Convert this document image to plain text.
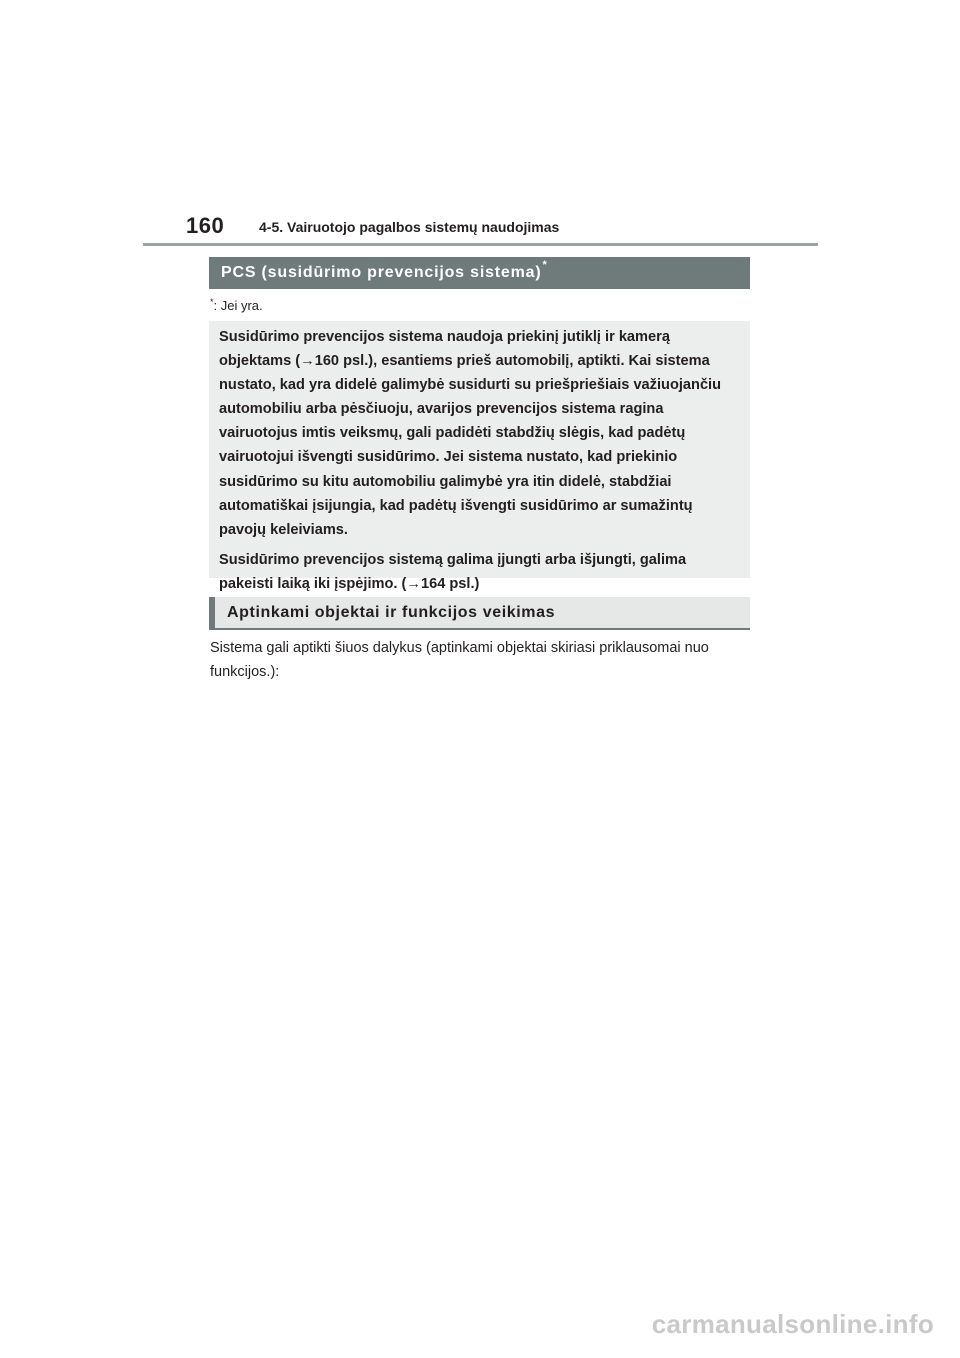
160 4-5. Vairuotojo pagalbos sistemų naudojimas
PCS (susidūrimo prevencijos sistema) *
*: Jei yra.

Susidūrimo prevencijos sistema naudoja priekinį jutiklį ir kamerą objektams (→160 psl.), esantiems prieš automobilį, aptikti. Kai sistema nustato, kad yra didelė galimybė susidurti su priešpriešiais važiuojančiu automobiliu arba pėsčiuoju, avarijos prevencijos sistema ragina vairuotojus imtis veiksmų, gali padidėti stabdžių slėgis, kad padėtų vairuotojui išvengti susidūrimo. Jei sistema nustato, kad priekinio susidūrimo su kitu automobiliu galimybė yra itin didelė, stabdžiai automatiškai įsijungia, kad padėtų išvengti susidūrimo ar sumažintų pavojų keleiviams.

Susidūrimo prevencijos sistemą galima įjungti arba išjungti, galima pakeisti laiką iki įspėjimo. (→164 psl.)

Aptinkami objektai ir funkcijos veikimas

Sistema gali aptikti šiuos dalykus (aptinkami objektai skiriasi priklausomai nuo funkcijos.):

carmanualsonline.info
